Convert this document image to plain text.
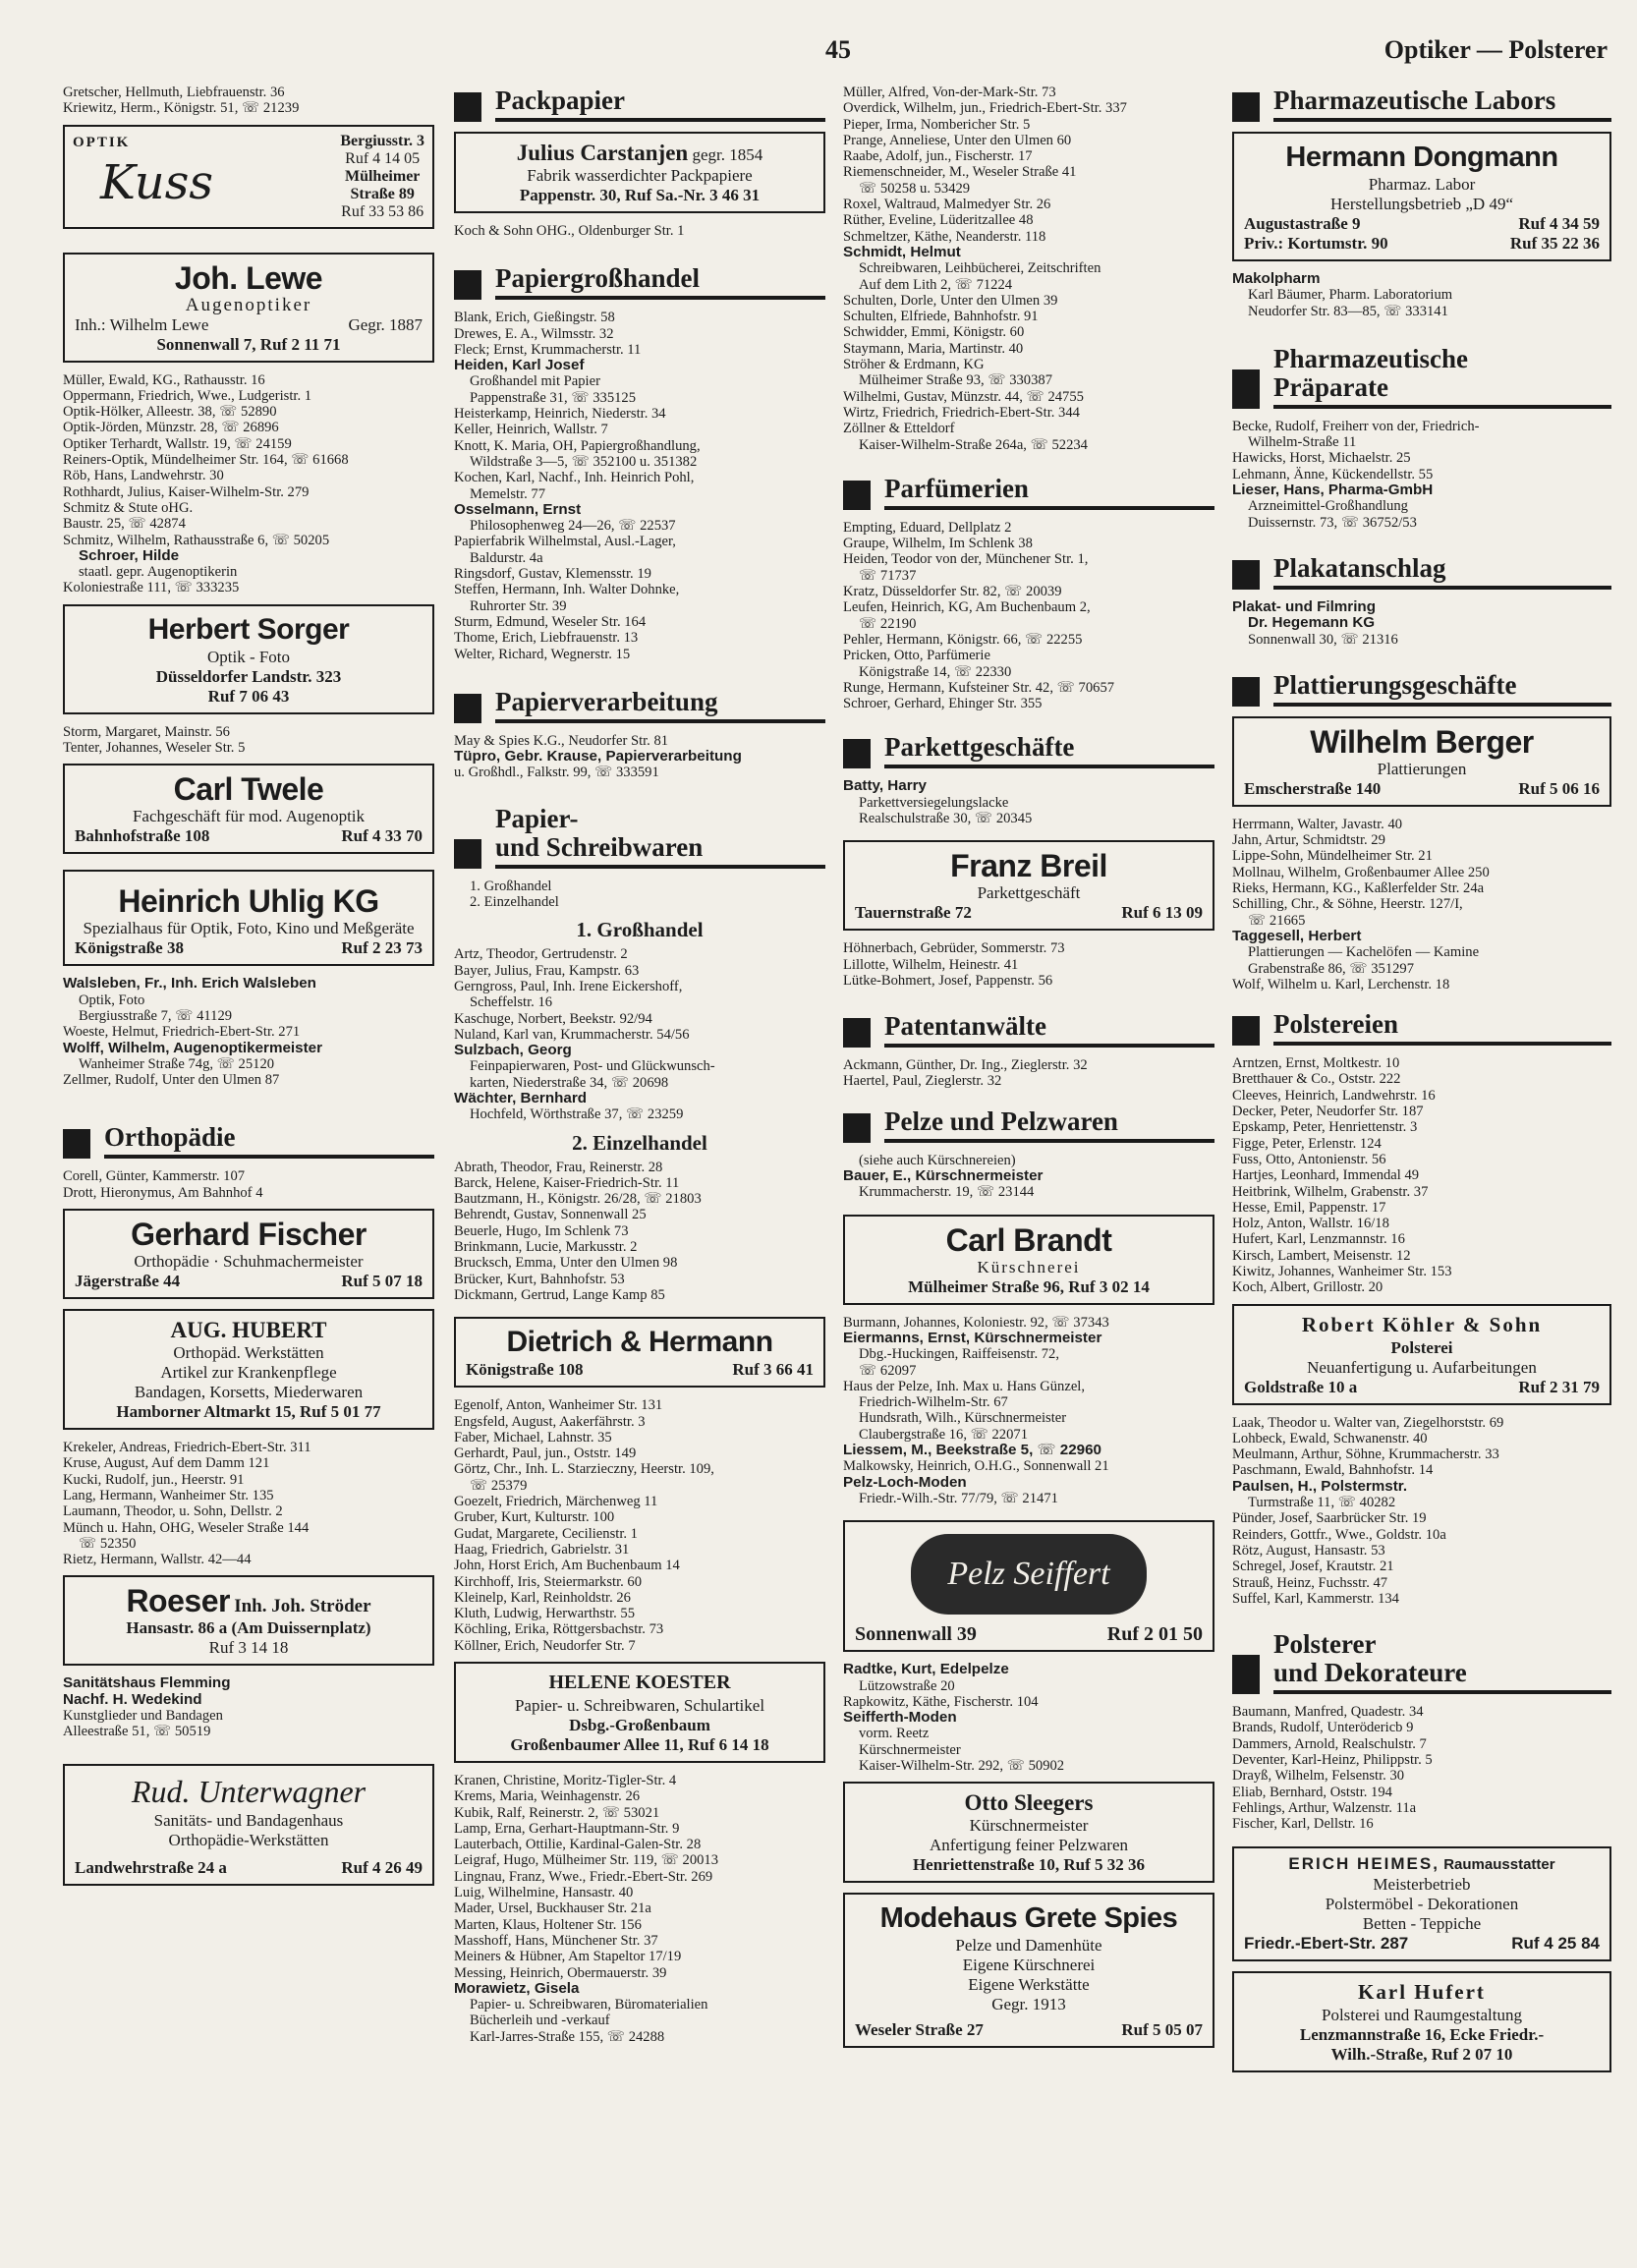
45	Optiker — Polsterer
Gretscher, Hellmuth, Liebfrauenstr. 36
Kriewitz, Herm., Königstr. 51, ☏ 21239
OPTIK
Kuss
Bergiusstr. 3
Ruf 4 14 05
Mülheimer
Straße 89
Ruf 33 53 86
Joh. Lewe
Augenoptiker
Inh.: Wilhelm Lewe	Gegr. 1887
Sonnenwall 7, Ruf 2 11 71
Müller, Ewald, KG., Rathausstr. 16
Oppermann, Friedrich, Wwe., Ludgeristr. 1
Optik-Hölker, Alleestr. 38, ☏ 52890
Optik-Jörden, Münzstr. 28, ☏ 26896
Optiker Terhardt, Wallstr. 19, ☏ 24159
Reiners-Optik, Mündelheimer Str. 164, ☏ 61668
Röb, Hans, Landwehrstr. 30
Rothhardt, Julius, Kaiser-Wilhelm-Str. 279
Schmitz & Stute oHG.
Baustr. 25, ☏ 42874
Schmitz, Wilhelm, Rathausstraße 6, ☏ 50205
Schroer, Hilde
staatl. gepr. Augenoptikerin
Koloniestraße 111, ☏ 333235
Herbert Sorger
Optik - Foto
Düsseldorfer Landstr. 323
Ruf 7 06 43
Storm, Margaret, Mainstr. 56
Tenter, Johannes, Weseler Str. 5
Carl Twele
Fachgeschäft für mod. Augenoptik
Bahnhofstraße 108	Ruf 4 33 70
Heinrich Uhlig KG
Spezialhaus für Optik, Foto, Kino und Meßgeräte
Königstraße 38	Ruf 2 23 73
Walsleben, Fr., Inh. Erich Walsleben
Optik, Foto
Bergiusstraße 7, ☏ 41129
Woeste, Helmut, Friedrich-Ebert-Str. 271
Wolff, Wilhelm, Augenoptikermeister
Wanheimer Straße 74g, ☏ 25120
Zellmer, Rudolf, Unter den Ulmen 87
Orthopädie
Corell, Günter, Kammerstr. 107
Drott, Hieronymus, Am Bahnhof 4
Gerhard Fischer
Orthopädie · Schuhmachermeister
Jägerstraße 44	Ruf 5 07 18
AUG. HUBERT
Orthopäd. Werkstätten
Artikel zur Krankenpflege
Bandagen, Korsetts, Miederwaren
Hamborner Altmarkt 15, Ruf 5 01 77
Krekeler, Andreas, Friedrich-Ebert-Str. 311
Kruse, August, Auf dem Damm 121
Kucki, Rudolf, jun., Heerstr. 91
Lang, Hermann, Wanheimer Str. 135
Laumann, Theodor, u. Sohn, Dellstr. 2
Münch u. Hahn, OHG, Weseler Straße 144
☏ 52350
Rietz, Hermann, Wallstr. 42—44
Roeser Inh. Joh. Ströder
Hansastr. 86 a (Am Duissernplatz)
Ruf 3 14 18
Sanitätshaus Flemming
Nachf. H. Wedekind
Kunstglieder und Bandagen
Alleestraße 51, ☏ 50519
Rud. Unterwagner
Sanitäts- und Bandagenhaus
Orthopädie-Werkstätten
Landwehrstraße 24 a	Ruf 4 26 49
Packpapier
Julius Carstanjen gegr. 1854
Fabrik wasserdichter Packpapiere
Pappenstr. 30, Ruf Sa.-Nr. 3 46 31
Koch & Sohn OHG., Oldenburger Str. 1
Papiergroßhandel
Blank, Erich, Gießingstr. 58
Drewes, E. A., Wilmsstr. 32
Fleck; Ernst, Krummacherstr. 11
Heiden, Karl Josef
Großhandel mit Papier
Pappenstraße 31, ☏ 335125
Heisterkamp, Heinrich, Niederstr. 34
Keller, Heinrich, Wallstr. 7
Knott, K. Maria, OH, Papiergroßhandlung,
Wildstraße 3—5, ☏ 352100 u. 351382
Kochen, Karl, Nachf., Inh. Heinrich Pohl,
Memelstr. 77
Osselmann, Ernst
Philosophenweg 24—26, ☏ 22537
Papierfabrik Wilhelmstal, Ausl.-Lager,
Baldurstr. 4a
Ringsdorf, Gustav, Klemensstr. 19
Steffen, Hermann, Inh. Walter Dohnke,
Ruhrorter Str. 39
Sturm, Edmund, Weseler Str. 164
Thome, Erich, Liebfrauenstr. 13
Welter, Richard, Wegnerstr. 15
Papierverarbeitung
May & Spies K.G., Neudorfer Str. 81
Tüpro, Gebr. Krause, Papierverarbeitung
u. Großhdl., Falkstr. 99, ☏ 333591
Papier-
und Schreibwaren
1. Großhandel
2. Einzelhandel
1. Großhandel
Artz, Theodor, Gertrudenstr. 2
Bayer, Julius, Frau, Kampstr. 63
Gerngross, Paul, Inh. Irene Eickershoff,
Scheffelstr. 16
Kaschuge, Norbert, Beekstr. 92/94
Nuland, Karl van, Krummacherstr. 54/56
Sulzbach, Georg
Feinpapierwaren, Post- und Glückwunsch-
karten, Niederstraße 34, ☏ 20698
Wächter, Bernhard
Hochfeld, Wörthstraße 37, ☏ 23259
2. Einzelhandel
Abrath, Theodor, Frau, Reinerstr. 28
Barck, Helene, Kaiser-Friedrich-Str. 11
Bautzmann, H., Königstr. 26/28, ☏ 21803
Behrendt, Gustav, Sonnenwall 25
Beuerle, Hugo, Im Schlenk 73
Brinkmann, Lucie, Markusstr. 2
Brucksch, Emma, Unter den Ulmen 98
Brücker, Kurt, Bahnhofstr. 53
Dickmann, Gertrud, Lange Kamp 85
Dietrich & Hermann
Königstraße 108	Ruf 3 66 41
Egenolf, Anton, Wanheimer Str. 131
Engsfeld, August, Aakerfährstr. 3
Faber, Michael, Lahnstr. 35
Gerhardt, Paul, jun., Oststr. 149
Görtz, Chr., Inh. L. Starzieczny, Heerstr. 109,
☏ 25379
Goezelt, Friedrich, Märchenweg 11
Gruber, Kurt, Kulturstr. 100
Gudat, Margarete, Cecilienstr. 1
Haag, Friedrich, Gabrielstr. 31
John, Horst Erich, Am Buchenbaum 14
Kirchhoff, Iris, Steiermarkstr. 60
Kleinelp, Karl, Reinholdstr. 26
Kluth, Ludwig, Herwarthstr. 55
Köchling, Erika, Röttgersbachstr. 73
Köllner, Erich, Neudorfer Str. 7
HELENE KOESTER
Papier- u. Schreibwaren, Schulartikel
Dsbg.-Großenbaum
Großenbaumer Allee 11, Ruf 6 14 18
Kranen, Christine, Moritz-Tigler-Str. 4
Krems, Maria, Weinhagenstr. 26
Kubik, Ralf, Reinerstr. 2, ☏ 53021
Lamp, Erna, Gerhart-Hauptmann-Str. 9
Lauterbach, Ottilie, Kardinal-Galen-Str. 28
Leigraf, Hugo, Mülheimer Str. 119, ☏ 20013
Lingnau, Franz, Wwe., Friedr.-Ebert-Str. 269
Luig, Wilhelmine, Hansastr. 40
Mader, Ursel, Buckhauser Str. 21a
Marten, Klaus, Holtener Str. 156
Masshoff, Hans, Münchener Str. 37
Meiners & Hübner, Am Stapeltor 17/19
Messing, Heinrich, Obermauerstr. 39
Morawietz, Gisela
Papier- u. Schreibwaren, Büromaterialien
Bücherleih und -verkauf
Karl-Jarres-Straße 155, ☏ 24288
Müller, Alfred, Von-der-Mark-Str. 73
Overdick, Wilhelm, jun., Friedrich-Ebert-Str. 337
Pieper, Irma, Nombericher Str. 5
Prange, Anneliese, Unter den Ulmen 60
Raabe, Adolf, jun., Fischerstr. 17
Riemenschneider, M., Weseler Straße 41
☏ 50258 u. 53429
Roxel, Waltraud, Malmedyer Str. 26
Rüther, Eveline, Lüderitzallee 48
Schmeltzer, Käthe, Neanderstr. 118
Schmidt, Helmut
Schreibwaren, Leihbücherei, Zeitschriften
Auf dem Lith 2, ☏ 71224
Schulten, Dorle, Unter den Ulmen 39
Schulten, Elfriede, Bahnhofstr. 91
Schwidder, Emmi, Königstr. 60
Staymann, Maria, Martinstr. 40
Ströher & Erdmann, KG
Mülheimer Straße 93, ☏ 330387
Wilhelmi, Gustav, Münzstr. 44, ☏ 24755
Wirtz, Friedrich, Friedrich-Ebert-Str. 344
Zöllner & Etteldorf
Kaiser-Wilhelm-Straße 264a, ☏ 52234
Parfümerien
Empting, Eduard, Dellplatz 2
Graupe, Wilhelm, Im Schlenk 38
Heiden, Teodor von der, Münchener Str. 1,
☏ 71737
Kratz, Düsseldorfer Str. 82, ☏ 20039
Leufen, Heinrich, KG, Am Buchenbaum 2,
☏ 22190
Pehler, Hermann, Königstr. 66, ☏ 22255
Pricken, Otto, Parfümerie
Königstraße 14, ☏ 22330
Runge, Hermann, Kufsteiner Str. 42, ☏ 70657
Schroer, Gerhard, Ehinger Str. 355
Parkettgeschäfte
Batty, Harry
Parkettversiegelungslacke
Realschulstraße 30, ☏ 20345
Franz Breil
Parkettgeschäft
Tauernstraße 72	Ruf 6 13 09
Höhnerbach, Gebrüder, Sommerstr. 73
Lillotte, Wilhelm, Heinestr. 41
Lütke-Bohmert, Josef, Pappenstr. 56
Patentanwälte
Ackmann, Günther, Dr. Ing., Zieglerstr. 32
Haertel, Paul, Zieglerstr. 32
Pelze und Pelzwaren
(siehe auch Kürschnereien)
Bauer, E., Kürschnermeister
Krummacherstr. 19, ☏ 23144
Carl Brandt
Kürschnerei
Mülheimer Straße 96, Ruf 3 02 14
Burmann, Johannes, Koloniestr. 92, ☏ 37343
Eiermanns, Ernst, Kürschnermeister
Dbg.-Huckingen, Raiffeisenstr. 72,
☏ 62097
Haus der Pelze, Inh. Max u. Hans Günzel,
Friedrich-Wilhelm-Str. 67
Hundsrath, Wilh., Kürschnermeister
Claubergstraße 16, ☏ 22071
Liessem, M., Beekstraße 5, ☏ 22960
Malkowsky, Heinrich, O.H.G., Sonnenwall 21
Pelz-Loch-Moden
Friedr.-Wilh.-Str. 77/79, ☏ 21471
Pelz Seiffert
Sonnenwall 39	Ruf 2 01 50
Radtke, Kurt, Edelpelze
Lützowstraße 20
Rapkowitz, Käthe, Fischerstr. 104
Seifferth-Moden
vorm. Reetz
Kürschnermeister
Kaiser-Wilhelm-Str. 292, ☏ 50902
Otto Sleegers
Kürschnermeister
Anfertigung feiner Pelzwaren
Henriettenstraße 10, Ruf 5 32 36
Modehaus Grete Spies
Pelze und Damenhüte
Eigene Kürschnerei
Eigene Werkstätte
Gegr. 1913
Weseler Straße 27	Ruf 5 05 07
Pharmazeutische Labors
Hermann Dongmann
Pharmaz. Labor
Herstellungsbetrieb „D 49“
Augustastraße 9	Ruf 4 34 59
Priv.: Kortumstr. 90	Ruf 35 22 36
Makolpharm
Karl Bäumer, Pharm. Laboratorium
Neudorfer Str. 83—85, ☏ 333141
Pharmazeutische
Präparate
Becke, Rudolf, Freiherr von der, Friedrich-
Wilhelm-Straße 11
Hawicks, Horst, Michaelstr. 25
Lehmann, Änne, Kückendellstr. 55
Lieser, Hans, Pharma-GmbH
Arzneimittel-Großhandlung
Duissernstr. 73, ☏ 36752/53
Plakatanschlag
Plakat- und Filmring
Dr. Hegemann KG
Sonnenwall 30, ☏ 21316
Plattierungsgeschäfte
Wilhelm Berger
Plattierungen
Emscherstraße 140	Ruf 5 06 16
Herrmann, Walter, Javastr. 40
Jahn, Artur, Schmidtstr. 29
Lippe-Sohn, Mündelheimer Str. 21
Mollnau, Wilhelm, Großenbaumer Allee 250
Rieks, Hermann, KG., Kaßlerfelder Str. 24a
Schilling, Chr., & Söhne, Heerstr. 127/I,
☏ 21665
Taggesell, Herbert
Plattierungen — Kachelöfen — Kamine
Grabenstraße 86, ☏ 351297
Wolf, Wilhelm u. Karl, Lerchenstr. 18
Polstereien
Arntzen, Ernst, Moltkestr. 10
Bretthauer & Co., Oststr. 222
Cleeves, Heinrich, Landwehrstr. 16
Decker, Peter, Neudorfer Str. 187
Epskamp, Peter, Henriettenstr. 3
Figge, Peter, Erlenstr. 124
Fuss, Otto, Antonienstr. 56
Hartjes, Leonhard, Immendal 49
Heitbrink, Wilhelm, Grabenstr. 37
Hesse, Emil, Pappenstr. 17
Holz, Anton, Wallstr. 16/18
Hufert, Karl, Lenzmannstr. 16
Kirsch, Lambert, Meisenstr. 12
Kiwitz, Johannes, Wanheimer Str. 153
Koch, Albert, Grillostr. 20
Robert Köhler & Sohn
Polsterei
Neuanfertigung u. Aufarbeitungen
Goldstraße 10 a	Ruf 2 31 79
Laak, Theodor u. Walter van, Ziegelhorststr. 69
Lohbeck, Ewald, Schwanenstr. 40
Meulmann, Arthur, Söhne, Krummacherstr. 33
Paschmann, Ewald, Bahnhofstr. 14
Paulsen, H., Polstermstr.
Turmstraße 11, ☏ 40282
Pünder, Josef, Saarbrücker Str. 19
Reinders, Gottfr., Wwe., Goldstr. 10a
Rötz, August, Hansastr. 53
Schregel, Josef, Krautstr. 21
Strauß, Heinz, Fuchsstr. 47
Suffel, Karl, Kammerstr. 134
Polsterer
und Dekorateure
Baumann, Manfred, Quadestr. 34
Brands, Rudolf, Unterödericb 9
Dammers, Arnold, Realschulstr. 7
Deventer, Karl-Heinz, Philippstr. 5
Drayß, Wilhelm, Felsenstr. 30
Eliab, Bernhard, Oststr. 194
Fehlings, Arthur, Walzenstr. 11a
Fischer, Karl, Dellstr. 16
ERICH HEIMES, Raumausstatter
Meisterbetrieb
Polstermöbel - Dekorationen
Betten - Teppiche
Friedr.-Ebert-Str. 287	Ruf 4 25 84
Karl Hufert
Polsterei und Raumgestaltung
Lenzmannstraße 16, Ecke Friedr.-
Wilh.-Straße, Ruf 2 07 10
